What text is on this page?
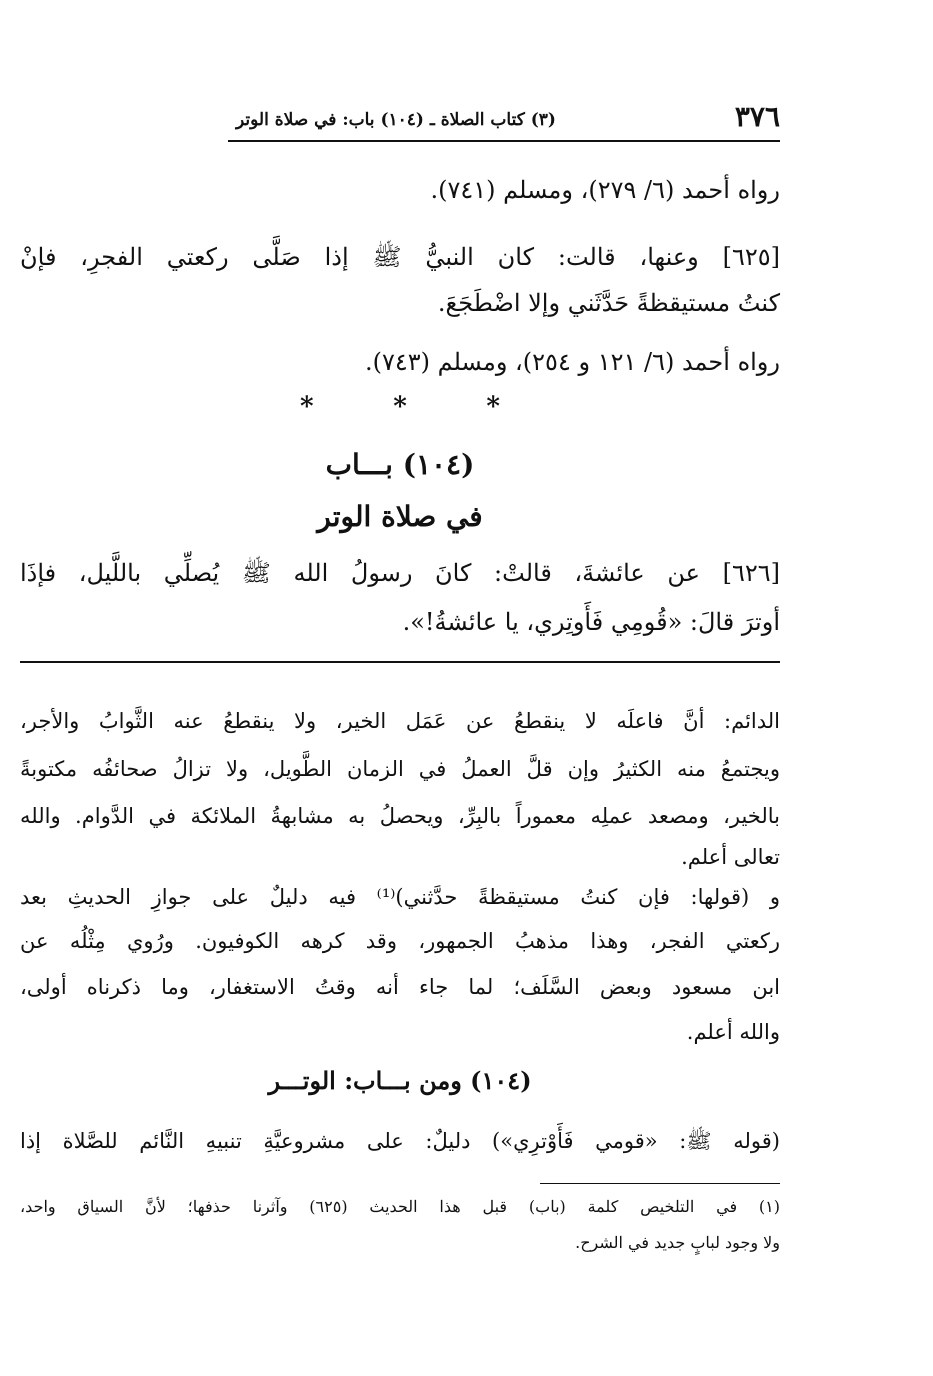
٣٧٦
(٣) كتاب الصلاة ـ (١٠٤) باب: في صلاة الوتر

رواه أحمد (٦/ ٢٧٩)، ومسلم (٧٤١).

[٦٢٥] وعنها، قالت: كان النبيُّ ﷺ إذا صَلَّى ركعتي الفجرِ، فإنْ

كنتُ مستيقظةً حَدَّثَني وإلا اضْطَجَعَ.

رواه أحمد (٦/ ١٢١ و ٢٥٤)، ومسلم (٧٤٣).

*	*	*
(١٠٤) بـــاب
في صلاة الوتر

[٦٢٦] عن عائشةَ، قالتْ: كانَ رسولُ الله ﷺ يُصلِّي باللَّيل، فإذَا

أوترَ قالَ: «قُومِي فَأَوتِري، يا عائشةُ!».

الدائم: أنَّ فاعلَه لا ينقطعُ عن عَمَل الخير، ولا ينقطعُ عنه الثَّوابُ والأجر،

ويجتمعُ منه الكثيرُ وإن قلَّ العملُ في الزمان الطَّويل، ولا تزالُ صحائفُه مكتوبةً

بالخير، ومصعد عملِه معموراً بالبِرِّ، ويحصلُ به مشابهةُ الملائكة في الدَّوام. والله

تعالى أعلم.

و (قولها: فإن كنتُ مستيقظةً حدَّثني)⁽¹⁾ فيه دليلٌ على جوازِ الحديثِ بعد

ركعتي الفجر، وهذا مذهبُ الجمهور، وقد كرهه الكوفيون. ورُوي مِثْلُه عن

ابن مسعود وبعض السَّلَف؛ لما جاء أنه وقتُ الاستغفار، وما ذكرناه أولى،

والله أعلم.

(١٠٤) ومن بـــاب: الوتـــر

(قوله ﷺ: «قومي فَأَوْترِي») دليلٌ: على مشروعيَّةِ تنبيهِ النَّائم للصَّلاة إذا

(١) في التلخيص كلمة (باب) قبل هذا الحديث (٦٢٥) وآثرنا حذفها؛ لأنَّ السياق واحد،

ولا وجود لبابٍ جديد في الشرح.
